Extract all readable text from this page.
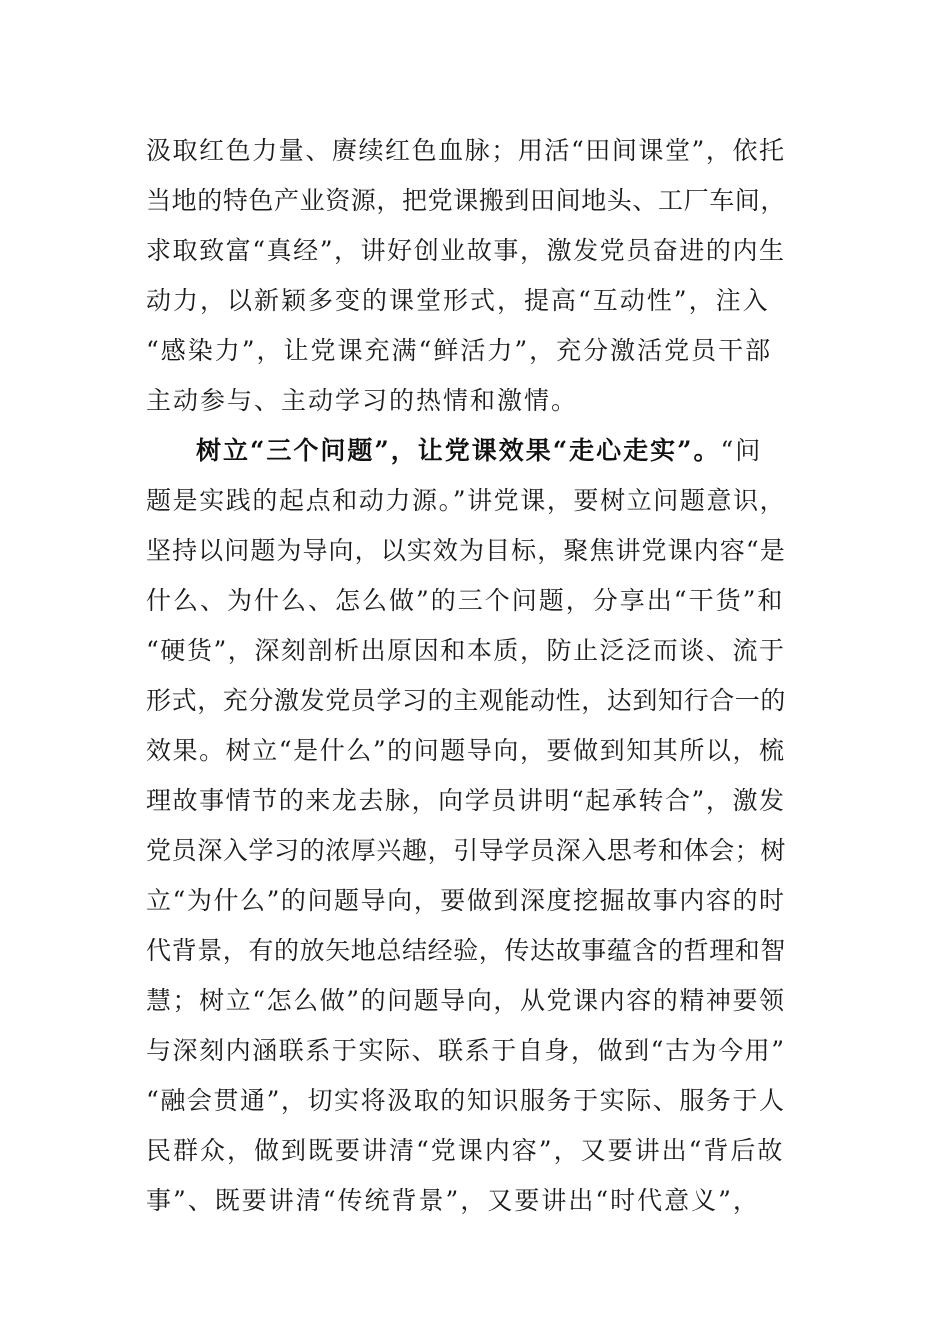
汲取红色力量、赓续红色血脉；用活“田间课堂”，依托
当地的特色产业资源，把党课搬到田间地头、工厂车间，
求取致富“真经”，讲好创业故事，激发党员奋进的内生
动力，以新颖多变的课堂形式，提高“互动性”，注入
“感染力”，让党课充满“鲜活力”，充分激活党员干部
主动参与、主动学习的热情和激情。
树立“三个问题”，让党课效果“走心走实”。“问
题是实践的起点和动力源。”讲党课，要树立问题意识，
坚持以问题为导向，以实效为目标，聚焦讲党课内容“是
什么、为什么、怎么做”的三个问题，分享出“干货”和
“硬货”，深刻剖析出原因和本质，防止泛泛而谈、流于
形式，充分激发党员学习的主观能动性，达到知行合一的
效果。树立“是什么”的问题导向，要做到知其所以，梳
理故事情节的来龙去脉，向学员讲明“起承转合”，激发
党员深入学习的浓厚兴趣，引导学员深入思考和体会；树
立“为什么”的问题导向，要做到深度挖掘故事内容的时
代背景，有的放矢地总结经验，传达故事蕴含的哲理和智
慧；树立“怎么做”的问题导向，从党课内容的精神要领
与深刻内涵联系于实际、联系于自身，做到“古为今用”
“融会贯通”，切实将汲取的知识服务于实际、服务于人
民群众，做到既要讲清“党课内容”，又要讲出“背后故
事”、既要讲清“传统背景”，又要讲出“时代意义”，
